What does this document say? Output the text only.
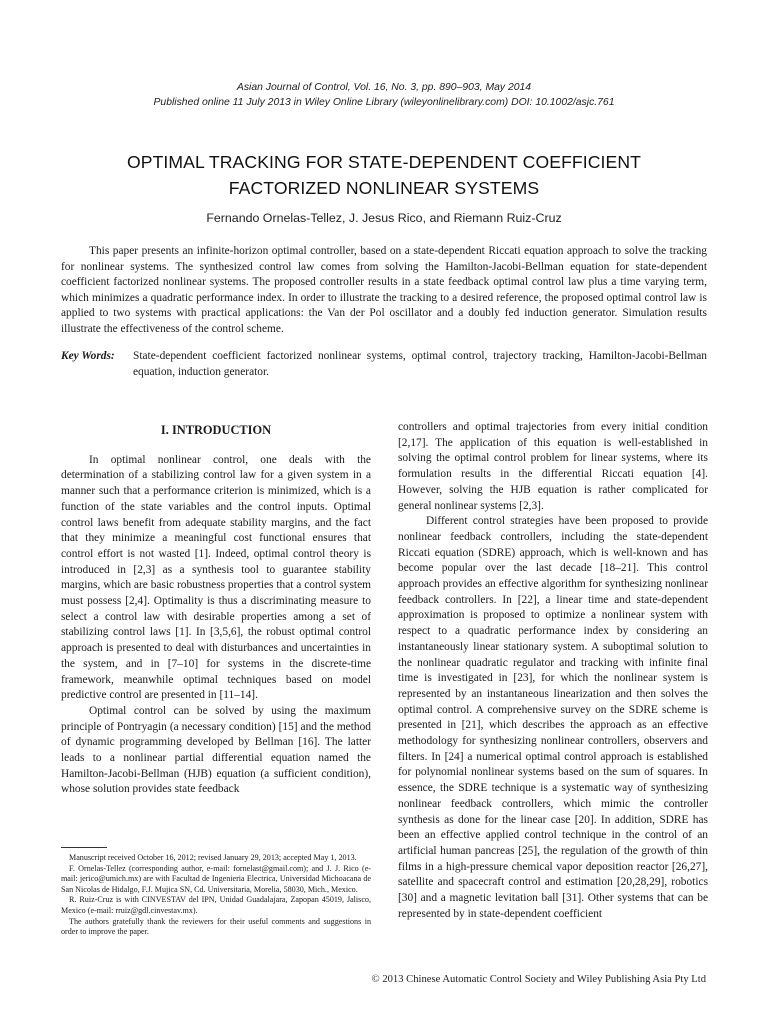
Asian Journal of Control, Vol. 16, No. 3, pp. 890–903, May 2014
Published online 11 July 2013 in Wiley Online Library (wileyonlinelibrary.com) DOI: 10.1002/asjc.761
OPTIMAL TRACKING FOR STATE-DEPENDENT COEFFICIENT
FACTORIZED NONLINEAR SYSTEMS
Fernando Ornelas-Tellez, J. Jesus Rico, and Riemann Ruiz-Cruz

This paper presents an infinite-horizon optimal controller, based on a state-dependent Riccati equation approach to solve the tracking for nonlinear systems. The synthesized control law comes from solving the Hamilton-Jacobi-Bellman equation for state-dependent coefficient factorized nonlinear systems. The proposed controller results in a state feedback optimal control law plus a time varying term, which minimizes a quadratic performance index. In order to illustrate the tracking to a desired reference, the proposed optimal control law is applied to two systems with practical applications: the Van der Pol oscillator and a doubly fed induction generator. Simulation results illustrate the effectiveness of the control scheme.

Key Words: State-dependent coefficient factorized nonlinear systems, optimal control, trajectory tracking, Hamilton-Jacobi-Bellman equation, induction generator.
I. INTRODUCTION

In optimal nonlinear control, one deals with the determination of a stabilizing control law for a given system in a manner such that a performance criterion is minimized, which is a function of the state variables and the control inputs. Optimal control laws benefit from adequate stability margins, and the fact that they minimize a meaningful cost functional ensures that control effort is not wasted [1]. Indeed, optimal control theory is introduced in [2,3] as a synthesis tool to guarantee stability margins, which are basic robustness properties that a control system must possess [2,4]. Optimality is thus a discriminating measure to select a control law with desirable properties among a set of stabilizing control laws [1]. In [3,5,6], the robust optimal control approach is presented to deal with disturbances and uncertainties in the system, and in [7–10] for systems in the discrete-time framework, meanwhile optimal techniques based on model predictive control are presented in [11–14].

Optimal control can be solved by using the maximum principle of Pontryagin (a necessary condition) [15] and the method of dynamic programming developed by Bellman [16]. The latter leads to a nonlinear partial differential equation named the Hamilton-Jacobi-Bellman (HJB) equation (a sufficient condition), whose solution provides state feedback

controllers and optimal trajectories from every initial condition [2,17]. The application of this equation is well-established in solving the optimal control problem for linear systems, where its formulation results in the differential Riccati equation [4]. However, solving the HJB equation is rather complicated for general nonlinear systems [2,3].

Different control strategies have been proposed to provide nonlinear feedback controllers, including the state-dependent Riccati equation (SDRE) approach, which is well-known and has become popular over the last decade [18–21]. This control approach provides an effective algorithm for synthesizing nonlinear feedback controllers. In [22], a linear time and state-dependent approximation is proposed to optimize a nonlinear system with respect to a quadratic performance index by considering an instantaneously linear stationary system. A suboptimal solution to the nonlinear quadratic regulator and tracking with infinite final time is investigated in [23], for which the nonlinear system is represented by an instantaneous linearization and then solves the optimal control. A comprehensive survey on the SDRE scheme is presented in [21], which describes the approach as an effective methodology for synthesizing nonlinear controllers, observers and filters. In [24] a numerical optimal control approach is established for polynomial nonlinear systems based on the sum of squares. In essence, the SDRE technique is a systematic way of synthesizing nonlinear feedback controllers, which mimic the controller synthesis as done for the linear case [20]. In addition, SDRE has been an effective applied control technique in the control of an artificial human pancreas [25], the regulation of the growth of thin films in a high-pressure chemical vapor deposition reactor [26,27], satellite and spacecraft control and estimation [20,28,29], robotics [30] and a magnetic levitation ball [31]. Other systems that can be represented by in state-dependent coefficient

Manuscript received October 16, 2012; revised January 29, 2013; accepted May 1, 2013.

F. Ornelas-Tellez (corresponding author, e-mail: fornelast@gmail.com); and J. J. Rico (e-mail: jerico@umich.mx) are with Facultad de Ingenieria Electrica, Universidad Michoacana de San Nicolas de Hidalgo, F.J. Mujica SN, Cd. Universitaria, Morelia, 58030, Mich., Mexico.

R. Ruiz-Cruz is with CINVESTAV del IPN, Unidad Guadalajara, Zapopan 45019, Jalisco, Mexico (e-mail: rruiz@gdl.cinvestav.mx).

The authors gratefully thank the reviewers for their useful comments and suggestions in order to improve the paper.

© 2013 Chinese Automatic Control Society and Wiley Publishing Asia Pty Ltd
